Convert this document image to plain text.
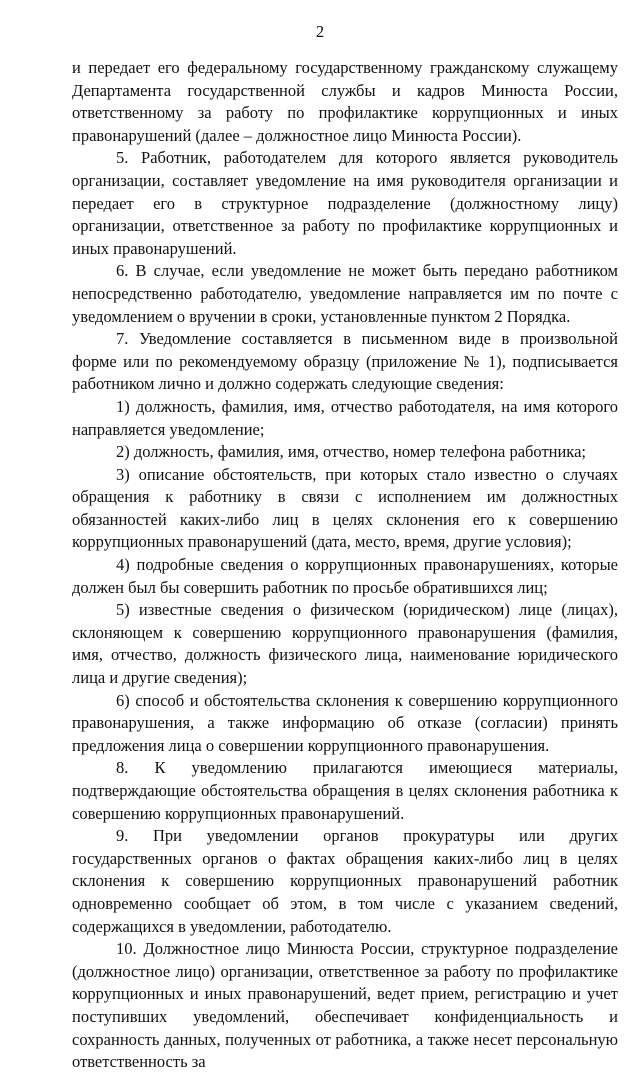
2

и передает его федеральному государственному гражданскому служащему Департамента государственной службы и кадров Минюста России, ответственному за работу по профилактике коррупционных и иных правонарушений (далее – должностное лицо Минюста России).

5. Работник, работодателем для которого является руководитель организации, составляет уведомление на имя руководителя организации и передает его в структурное подразделение (должностному лицу) организации, ответственное за работу по профилактике коррупционных и иных правонарушений.

6. В случае, если уведомление не может быть передано работником непосредственно работодателю, уведомление направляется им по почте с уведомлением о вручении в сроки, установленные пунктом 2 Порядка.

7. Уведомление составляется в письменном виде в произвольной форме или по рекомендуемому образцу (приложение № 1), подписывается работником лично и должно содержать следующие сведения:

1) должность, фамилия, имя, отчество работодателя, на имя которого направляется уведомление;

2) должность, фамилия, имя, отчество, номер телефона работника;

3) описание обстоятельств, при которых стало известно о случаях обращения к работнику в связи с исполнением им должностных обязанностей каких-либо лиц в целях склонения его к совершению коррупционных правонарушений (дата, место, время, другие условия);

4) подробные сведения о коррупционных правонарушениях, которые должен был бы совершить работник по просьбе обратившихся лиц;

5) известные сведения о физическом (юридическом) лице (лицах), склоняющем к совершению коррупционного правонарушения (фамилия, имя, отчество, должность физического лица, наименование юридического лица и другие сведения);

6) способ и обстоятельства склонения к совершению коррупционного правонарушения, а также информацию об отказе (согласии) принять предложения лица о совершении коррупционного правонарушения.

8. К уведомлению прилагаются имеющиеся материалы, подтверждающие обстоятельства обращения в целях склонения работника к совершению коррупционных правонарушений.

9. При уведомлении органов прокуратуры или других государственных органов о фактах обращения каких-либо лиц в целях склонения к совершению коррупционных правонарушений работник одновременно сообщает об этом, в том числе с указанием сведений, содержащихся в уведомлении, работодателю.

10. Должностное лицо Минюста России, структурное подразделение (должностное лицо) организации, ответственное за работу по профилактике коррупционных и иных правонарушений, ведет прием, регистрацию и учет поступивших уведомлений, обеспечивает конфиденциальность и сохранность данных, полученных от работника, а также несет персональную ответственность за
